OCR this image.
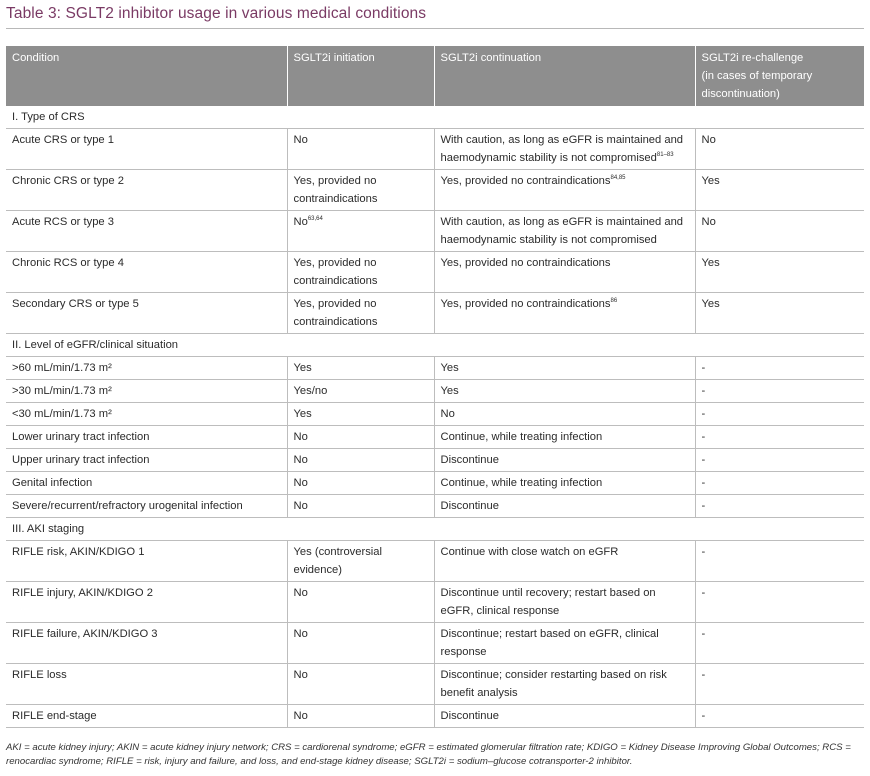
Table 3: SGLT2 inhibitor usage in various medical conditions
Condition	SGLT2i initiation	SGLT2i continuation	SGLT2i re-challenge
(in cases of temporary discontinuation)
I. Type of CRS			
Acute CRS or type 1	No	With caution, as long as eGFR is maintained and haemodynamic stability is not compromised$^{81-83}$	No
Chronic CRS or type 2	Yes, provided no contraindications	Yes, provided no contraindications$^{84,85}$	Yes
Acute RCS or type 3	No$^{63,64}$	With caution, as long as eGFR is maintained and haemodynamic stability is not compromised	No
Chronic RCS or type 4	Yes, provided no contraindications	Yes, provided no contraindications	Yes
Secondary CRS or type 5	Yes, provided no contraindications	Yes, provided no contraindications$^{86}$	Yes
II. Level of eGFR/clinical situation			
>60 mL/min/1.73 m²	Yes	Yes	-
>30 mL/min/1.73 m²	Yes/no	Yes	-
<30 mL/min/1.73 m²	Yes	No	-
Lower urinary tract infection	No	Continue, while treating infection	-
Upper urinary tract infection	No	Discontinue	-
Genital infection	No	Continue, while treating infection	-
Severe/recurrent/refractory urogenital infection	No	Discontinue	-
III. AKI staging			
RIFLE risk, AKIN/KDIGO 1	Yes (controversial evidence)	Continue with close watch on eGFR	-
RIFLE injury, AKIN/KDIGO 2	No	Discontinue until recovery; restart based on eGFR, clinical response	-
RIFLE failure, AKIN/KDIGO 3	No	Discontinue; restart based on eGFR, clinical response	-
RIFLE loss	No	Discontinue; consider restarting based on risk benefit analysis	-
RIFLE end-stage	No	Discontinue	-
AKI = acute kidney injury; AKIN = acute kidney injury network; CRS = cardiorenal syndrome; eGFR = estimated glomerular filtration rate; KDIGO = Kidney Disease Improving Global Outcomes; RCS = renocardiac syndrome; RIFLE = risk, injury and failure, and loss, and end-stage kidney disease; SGLT2i = sodium–glucose cotransporter-2 inhibitor.
